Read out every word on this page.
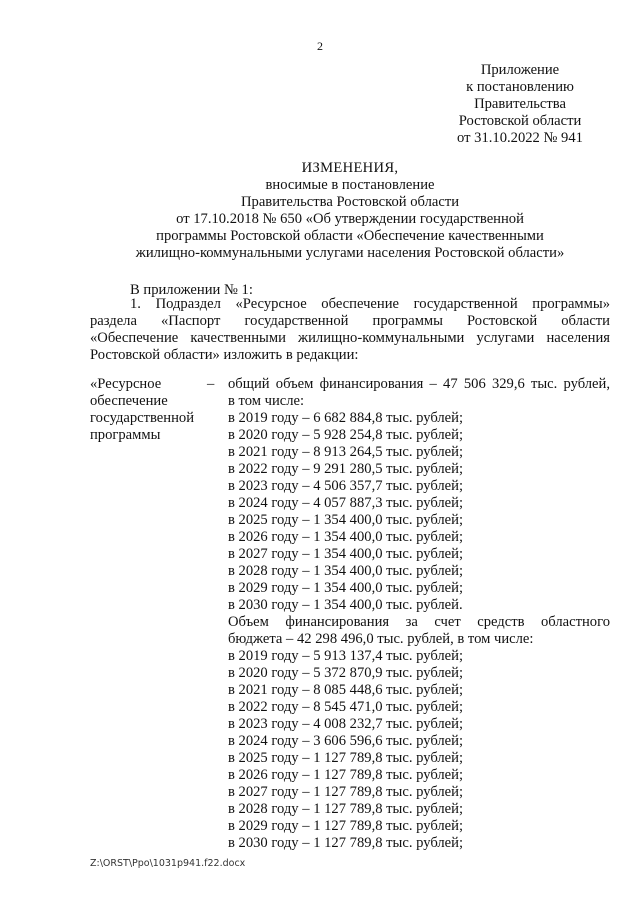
2
Приложение
к постановлению
Правительства
Ростовской области
от 31.10.2022 № 941
ИЗМЕНЕНИЯ,
вносимые в постановление
Правительства Ростовской области
от 17.10.2018 № 650 «Об утверждении государственной
программы Ростовской области «Обеспечение качественными
жилищно-коммунальными услугами населения Ростовской области»
В приложении № 1:
1. Подраздел «Ресурсное обеспечение государственной программы»
раздела «Паспорт государственной программы Ростовской области
«Обеспечение качественными жилищно-коммунальными услугами населения
Ростовской области» изложить в редакции:
«Ресурсное
обеспечение
государственной
программы
– общий объем финансирования – 47 506 329,6 тыс. рублей,
в том числе:
в 2019 году – 6 682 884,8 тыс. рублей;
в 2020 году – 5 928 254,8 тыс. рублей;
в 2021 году – 8 913 264,5 тыс. рублей;
в 2022 году – 9 291 280,5 тыс. рублей;
в 2023 году – 4 506 357,7 тыс. рублей;
в 2024 году – 4 057 887,3 тыс. рублей;
в 2025 году – 1 354 400,0 тыс. рублей;
в 2026 году – 1 354 400,0 тыс. рублей;
в 2027 году – 1 354 400,0 тыс. рублей;
в 2028 году – 1 354 400,0 тыс. рублей;
в 2029 году – 1 354 400,0 тыс. рублей;
в 2030 году – 1 354 400,0 тыс. рублей.
Объем финансирования за счет средств областного
бюджета – 42 298 496,0 тыс. рублей, в том числе:
в 2019 году – 5 913 137,4 тыс. рублей;
в 2020 году – 5 372 870,9 тыс. рублей;
в 2021 году – 8 085 448,6 тыс. рублей;
в 2022 году – 8 545 471,0 тыс. рублей;
в 2023 году – 4 008 232,7 тыс. рублей;
в 2024 году – 3 606 596,6 тыс. рублей;
в 2025 году – 1 127 789,8 тыс. рублей;
в 2026 году – 1 127 789,8 тыс. рублей;
в 2027 году – 1 127 789,8 тыс. рублей;
в 2028 году – 1 127 789,8 тыс. рублей;
в 2029 году – 1 127 789,8 тыс. рублей;
в 2030 году – 1 127 789,8 тыс. рублей;
Z:\ORST\Ppo\1031p941.f22.docx
